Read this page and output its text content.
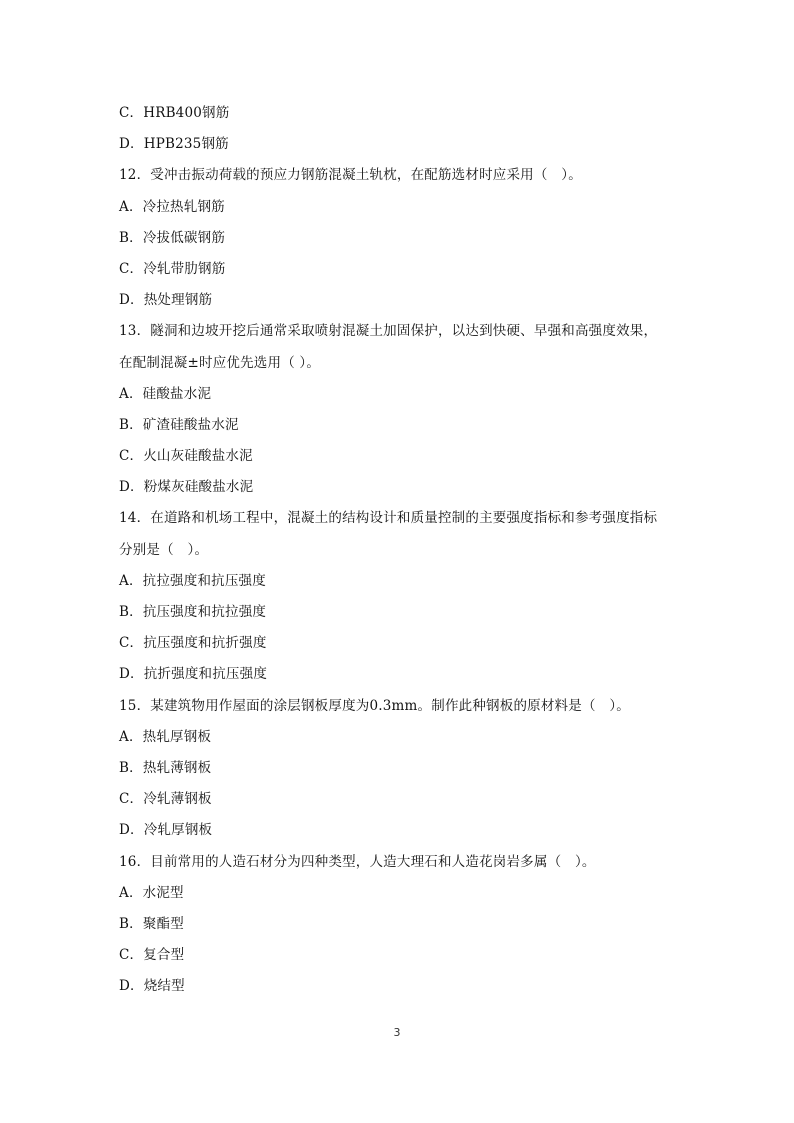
C．HRB400钢筋
D．HPB235钢筋
12．受冲击振动荷载的预应力钢筋混凝土轨枕，在配筋选材时应采用（　）。
A．冷拉热轧钢筋
B．冷拔低碳钢筋
C．冷轧带肋钢筋
D．热处理钢筋
13．隧洞和边坡开挖后通常采取喷射混凝土加固保护，以达到快硬、早强和高强度效果，
在配制混凝±时应优先选用（ ）。
A．硅酸盐水泥
B．矿渣硅酸盐水泥
C．火山灰硅酸盐水泥
D．粉煤灰硅酸盐水泥
14．在道路和机场工程中，混凝土的结构设计和质量控制的主要强度指标和参考强度指标
分别是（　）。
A．抗拉强度和抗压强度
B．抗压强度和抗拉强度
C．抗压强度和抗折强度
D．抗折强度和抗压强度
15．某建筑物用作屋面的涂层钢板厚度为0.3mm。制作此种钢板的原材料是（　）。
A．热轧厚钢板
B．热轧薄钢板
C．冷轧薄钢板
D．冷轧厚钢板
16．目前常用的人造石材分为四种类型，人造大理石和人造花岗岩多属（　）。
A．水泥型
B．聚酯型
C．复合型
D．烧结型
3
